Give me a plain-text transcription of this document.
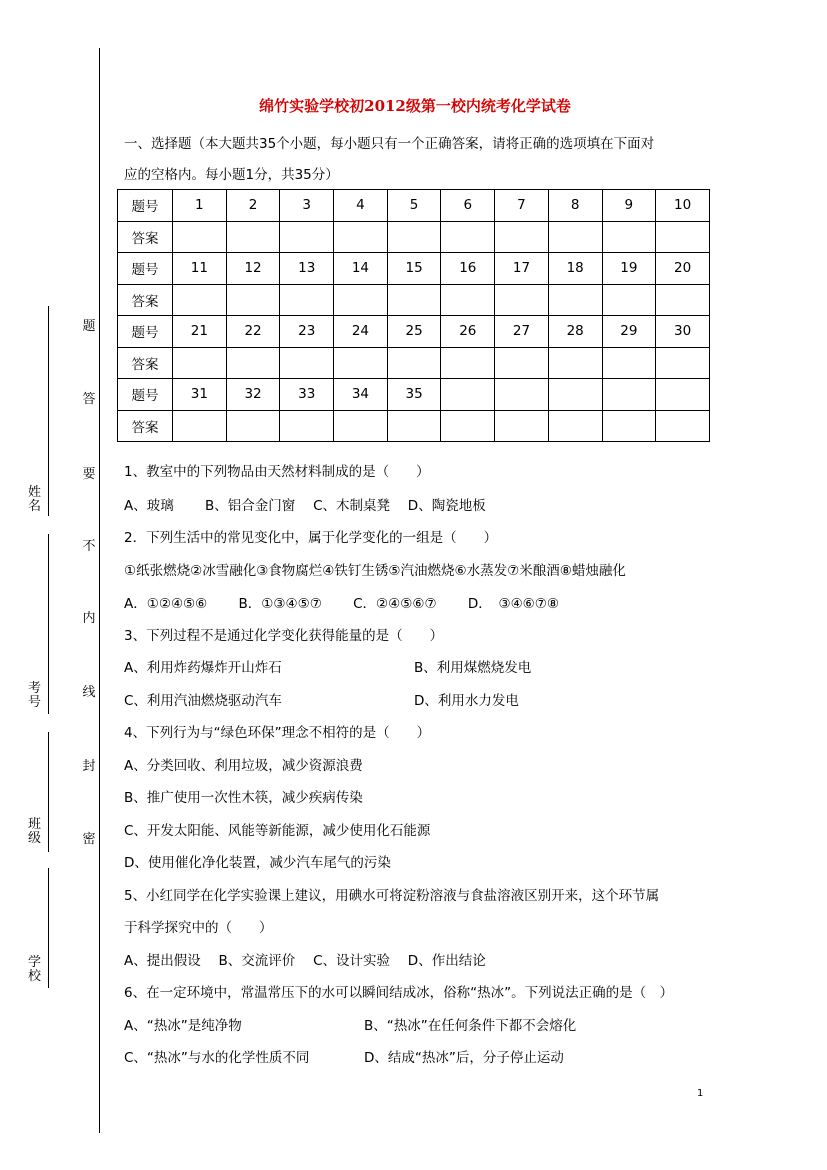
题
答
要
不
内
线
封
密
姓名
考号
班级
学校
绵竹实验学校初2012级第一校内统考化学试卷
一、选择题（本大题共35个小题，每小题只有一个正确答案，请将正确的选项填在下面对
应的空格内。每小题1分，共35分）
题号	1	2	3	4	5	6	7	8	9	10
答案										
题号	11	12	13	14	15	16	17	18	19	20
答案										
题号	21	22	23	24	25	26	27	28	29	30
答案										
题号	31	32	33	34	35					
答案										
1、教室中的下列物品由天然材料制成的是（　　）
A、玻璃　　 B、铝合金门窗　 C、木制桌凳　 D、陶瓷地板
2．下列生活中的常见变化中，属于化学变化的一组是（　　）
①纸张燃烧②冰雪融化③食物腐烂④铁钉生锈⑤汽油燃烧⑥水蒸发⑦米酿酒⑧蜡烛融化
A．①②④⑤⑥　　 B．①③④⑤⑦　　 C．②④⑤⑥⑦　　 D．　③④⑥⑦⑧
3、下列过程不是通过化学变化获得能量的是（　　）
A、利用炸药爆炸开山炸石	B、利用煤燃烧发电
C、利用汽油燃烧驱动汽车	D、利用水力发电
4、下列行为与“绿色环保”理念不相符的是（　　）
A、分类回收、利用垃圾，减少资源浪费
B、推广使用一次性木筷，减少疾病传染
C、开发太阳能、风能等新能源，减少使用化石能源
D、使用催化净化装置，减少汽车尾气的污染
5、小红同学在化学实验课上建议，用碘水可将淀粉溶液与食盐溶液区别开来，这个环节属
于科学探究中的（　　）
A、提出假设　 B、交流评价　 C、设计实验　 D、作出结论
6、在一定环境中，常温常压下的水可以瞬间结成冰，俗称“热冰”。下列说法正确的是（　）
A、“热冰”是纯净物	B、“热冰”在任何条件下都不会熔化
C、“热冰”与水的化学性质不同	D、结成“热冰”后，分子停止运动
1
